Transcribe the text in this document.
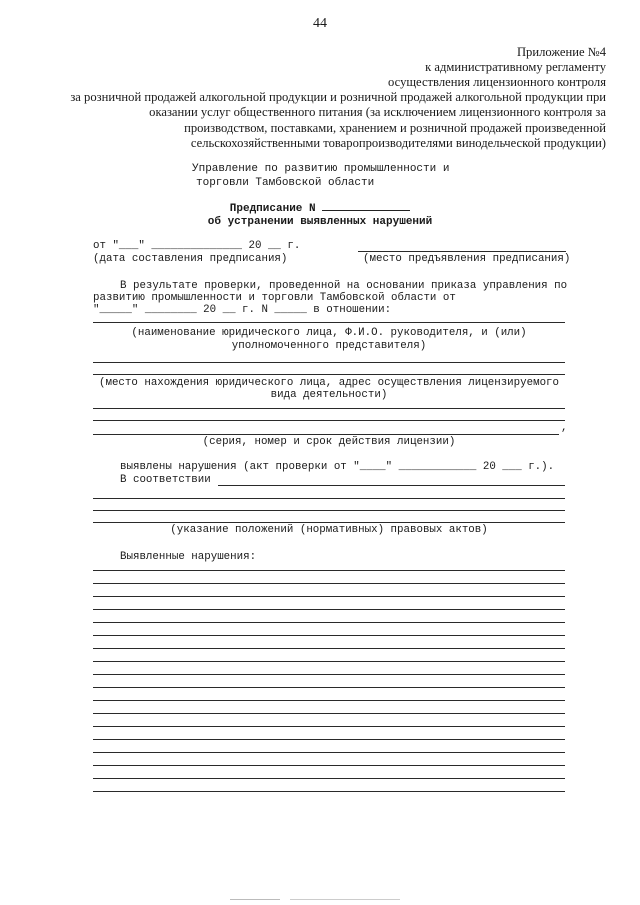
44
Приложение №4
к административному регламенту
осуществления лицензионного контроля
за розничной продажей алкогольной продукции и розничной продажей алкогольной продукции при оказании услуг общественного питания (за исключением лицензионного контроля за производством, поставками, хранением и розничной продажей произведенной сельскохозяйственными товаропроизводителями винодельческой продукции)
Управление по развитию промышленности и
торговли Тамбовской области
Предписание N
об устранении выявленных нарушений
от "___" ______________ 20 __ г.
(дата составления предписания)	(место предъявления предписания)
В результате проверки, проведенной на основании приказа управления по
развитию промышленности и торговли Тамбовской области от
"_____" ________ 20 __ г. N _____ в отношении:
(наименование юридического лица, Ф.И.О. руководителя, и (или)
уполномоченного представителя)
(место нахождения юридического лица, адрес осуществления лицензируемого
вида деятельности)
,
(серия, номер и срок действия лицензии)
выявлены нарушения (акт проверки от "____" ____________ 20 ___ г.).
В соответствии
(указание положений (нормативных) правовых актов)
Выявленные нарушения:
